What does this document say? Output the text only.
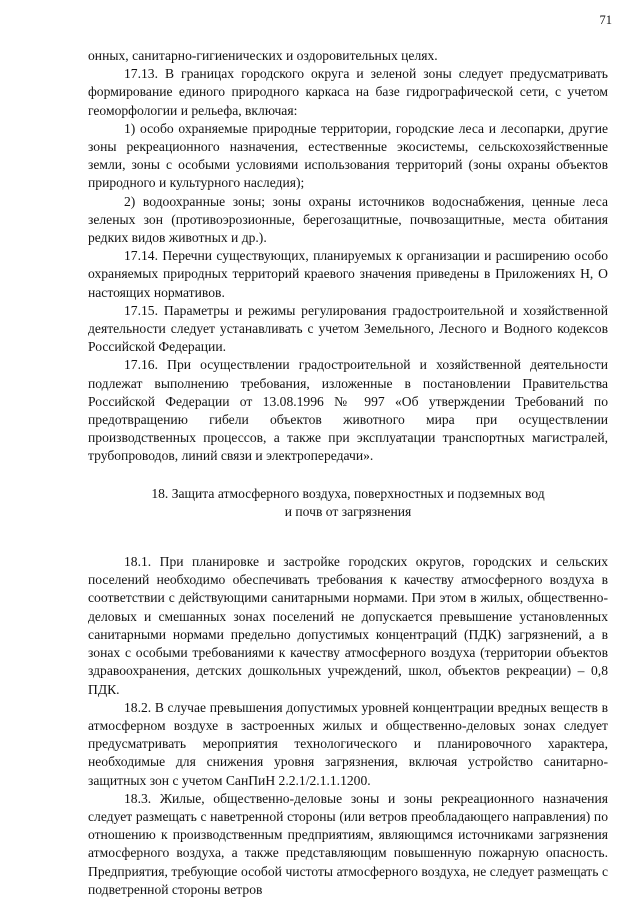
71

онных, санитарно-гигиенических и оздоровительных целях.

17.13. В границах городского округа и зеленой зоны следует предусматривать формирование единого природного каркаса на базе гидрографической сети, с учетом геоморфологии и рельефа, включая:

1) особо охраняемые природные территории, городские леса и лесопарки, другие зоны рекреационного назначения, естественные экосистемы, сельскохозяйственные земли, зоны с особыми условиями использования территорий (зоны охраны объектов природного и культурного наследия);

2) водоохранные зоны; зоны охраны источников водоснабжения, ценные леса зеленых зон (противоэрозионные, берегозащитные, почвозащитные, места обитания редких видов животных и др.).

17.14. Перечни существующих, планируемых к организации и расширению особо охраняемых природных территорий краевого значения приведены в Приложениях Н, О настоящих нормативов.

17.15. Параметры и режимы регулирования градостроительной и хозяйственной деятельности следует устанавливать с учетом Земельного, Лесного и Водного кодексов Российской Федерации.

17.16. При осуществлении градостроительной и хозяйственной деятельности подлежат выполнению требования, изложенные в постановлении Правительства Российской Федерации от 13.08.1996 № 997 «Об утверждении Требований по предотвращению гибели объектов животного мира при осуществлении производственных процессов, а также при эксплуатации транспортных магистралей, трубопроводов, линий связи и электропередачи».

18. Защита атмосферного воздуха, поверхностных и подземных вод
и почв от загрязнения

18.1. При планировке и застройке городских округов, городских и сельских поселений необходимо обеспечивать требования к качеству атмосферного воздуха в соответствии с действующими санитарными нормами. При этом в жилых, общественно-деловых и смешанных зонах поселений не допускается превышение установленных санитарными нормами предельно допустимых концентраций (ПДК) загрязнений, а в зонах с особыми требованиями к качеству атмосферного воздуха (территории объектов здравоохранения, детских дошкольных учреждений, школ, объектов рекреации) – 0,8 ПДК.

18.2. В случае превышения допустимых уровней концентрации вредных веществ в атмосферном воздухе в застроенных жилых и общественно-деловых зонах следует предусматривать мероприятия технологического и планировочного характера, необходимые для снижения уровня загрязнения, включая устройство санитарно-защитных зон с учетом СанПиН 2.2.1/2.1.1.1200.

18.3. Жилые, общественно-деловые зоны и зоны рекреационного назначения следует размещать с наветренной стороны (или ветров преобладающего направления) по отношению к производственным предприятиям, являющимся источниками загрязнения атмосферного воздуха, а также представляющим повышенную пожарную опасность. Предприятия, требующие особой чистоты атмосферного воздуха, не следует размещать с подветренной стороны ветров
